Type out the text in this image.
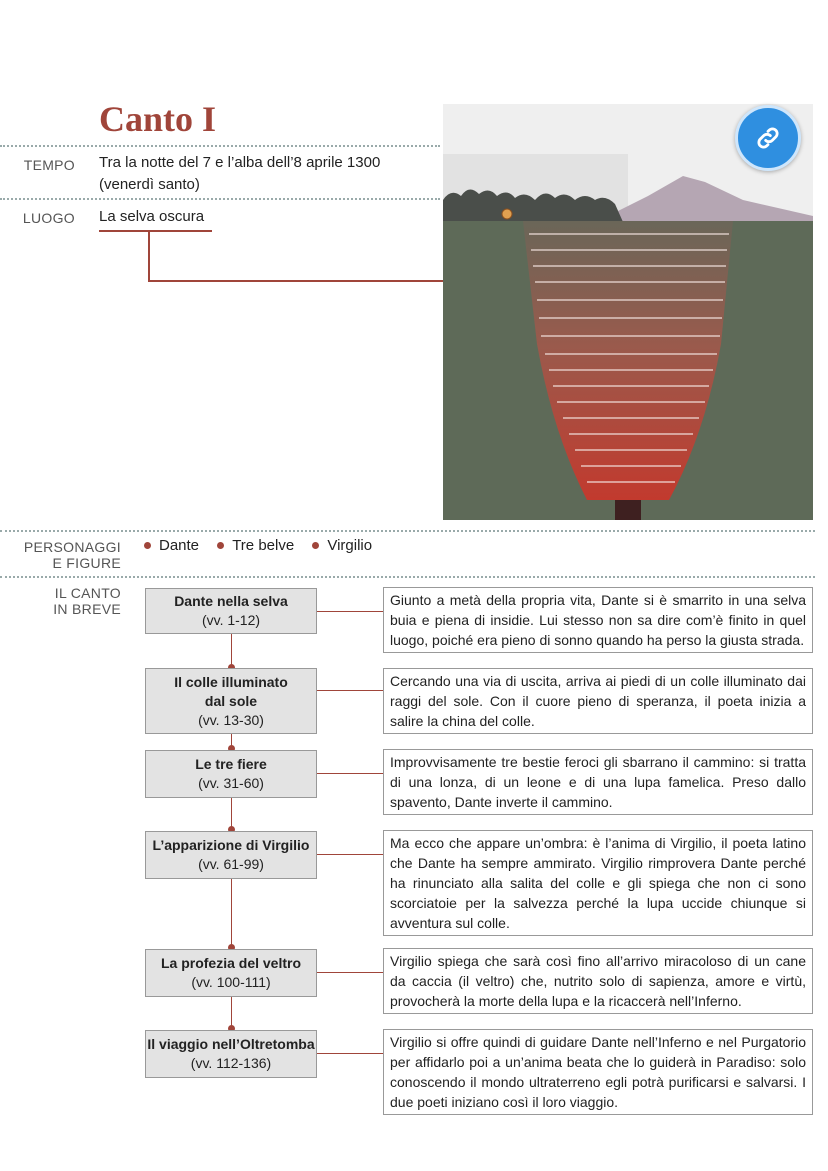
Canto I
TEMPO Tra la notte del 7 e l’alba dell’8 aprile 1300
(venerdì santo)
LUOGO La selva oscura
PERSONAGGI
E FIGURE
Dante Tre belve Virgilio
IL CANTO
IN BREVE	Dante nella selva
(vv. 1-12)
Giunto a metà della propria vita, Dante si è smarrito in una selva buia e piena di insidie. Lui stesso non sa dire com’è finito in quel luogo, poiché era pieno di sonno quando ha perso la giusta strada.
Il colle illuminato
dal sole
(vv. 13-30)
Cercando una via di uscita, arriva ai piedi di un colle illuminato dai raggi del sole. Con il cuore pieno di speranza, il poeta inizia a salire la china del colle.
Le tre fiere
(vv. 31-60)
Improvvisamente tre bestie feroci gli sbarrano il cammino: si tratta di una lonza, di un leone e di una lupa famelica. Preso dallo spavento, Dante inverte il cammino.
L’apparizione di Virgilio
(vv. 61-99)
Ma ecco che appare un’ombra: è l’anima di Virgilio, il poeta latino che Dante ha sempre ammirato. Virgilio rimprovera Dante perché ha rinunciato alla salita del colle e gli spiega che non ci sono scorciatoie per la salvezza perché la lupa uccide chiunque si avventura sul colle.
La profezia del veltro
(vv. 100-111)
Virgilio spiega che sarà così fino all’arrivo miracoloso di un cane da caccia (il veltro) che, nutrito solo di sapienza, amore e virtù, provocherà la morte della lupa e la ricaccerà nell’Inferno.
Il viaggio nell’Oltretomba
(vv. 112-136)
Virgilio si offre quindi di guidare Dante nell’Inferno e nel Purgatorio per affidarlo poi a un’anima beata che lo guiderà in Paradiso: solo conoscendo il mondo ultraterreno egli potrà purificarsi e salvarsi. I due poeti iniziano così il loro viaggio.
